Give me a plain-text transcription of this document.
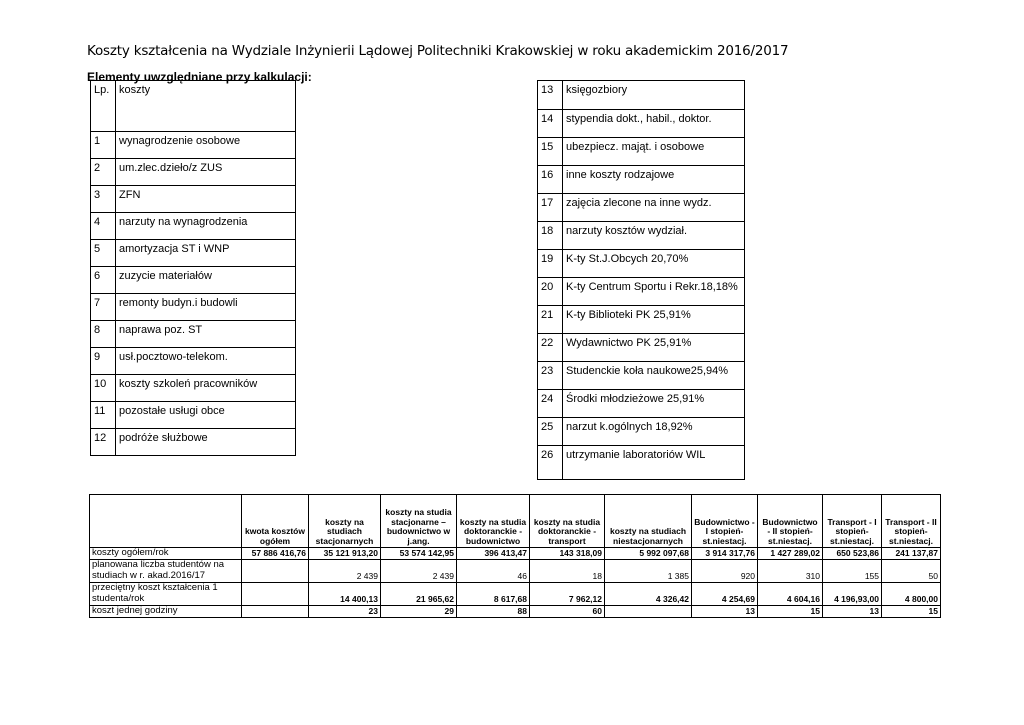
Koszty kształcenia na Wydziale Inżynierii Lądowej Politechniki Krakowskiej w roku akademickim 2016/2017
Elementy uwzględniane przy kalkulacji:
Lp.	koszty
1	wynagrodzenie osobowe
2	um.zlec.dzieło/z ZUS
3	ZFN
4	narzuty na wynagrodzenia
5	amortyzacja ST i WNP
6	zuzycie materiałów
7	remonty budyn.i budowli
8	naprawa poz. ST
9	usł.pocztowo-telekom.
10	koszty szkoleń pracowników
11	pozostałe usługi obce
12	podróże służbowe
13	księgozbiory
14	stypendia dokt., habil., doktor.
15	ubezpiecz. mająt. i osobowe
16	inne koszty rodzajowe
17	zajęcia zlecone na inne wydz.
18	narzuty kosztów wydział.
19	K-ty St.J.Obcych 20,70%
20	K-ty Centrum Sportu i Rekr.18,18%
21	K-ty Biblioteki PK 25,91%
22	Wydawnictwo PK 25,91%
23	Studenckie koła naukowe25,94%
24	Środki młodzieżowe 25,91%
25	narzut k.ogólnych 18,92%
26	utrzymanie laboratoriów WIL
	kwota kosztów ogółem	koszty na studiach stacjonarnych	koszty na studia stacjonarne – budownictwo w j.ang.	koszty na studia doktoranckie - budownictwo	koszty na studia doktoranckie - transport	koszty na studiach niestacjonarnych	Budownictwo - I stopień-st.niestacj.	Budownictwo - II stopień-st.niestacj.	Transport - I stopień-st.niestacj.	Transport - II stopień-st.niestacj.
koszty ogółem/rok	57 886 416,76	35 121 913,20	53 574 142,95	396 413,47	143 318,09	5 992 097,68	3 914 317,76	1 427 289,02	650 523,86	241 137,87
planowana liczba studentów na studiach w r. akad.2016/17		2 439	2 439	46	18	1 385	920	310	155	50
przeciętny koszt kształcenia 1 studenta/rok		14 400,13	21 965,62	8 617,68	7 962,12	4 326,42	4 254,69	4 604,16	4 196,93,00	4 800,00
koszt jednej godziny		23	29	88	60		13	15	13	15
